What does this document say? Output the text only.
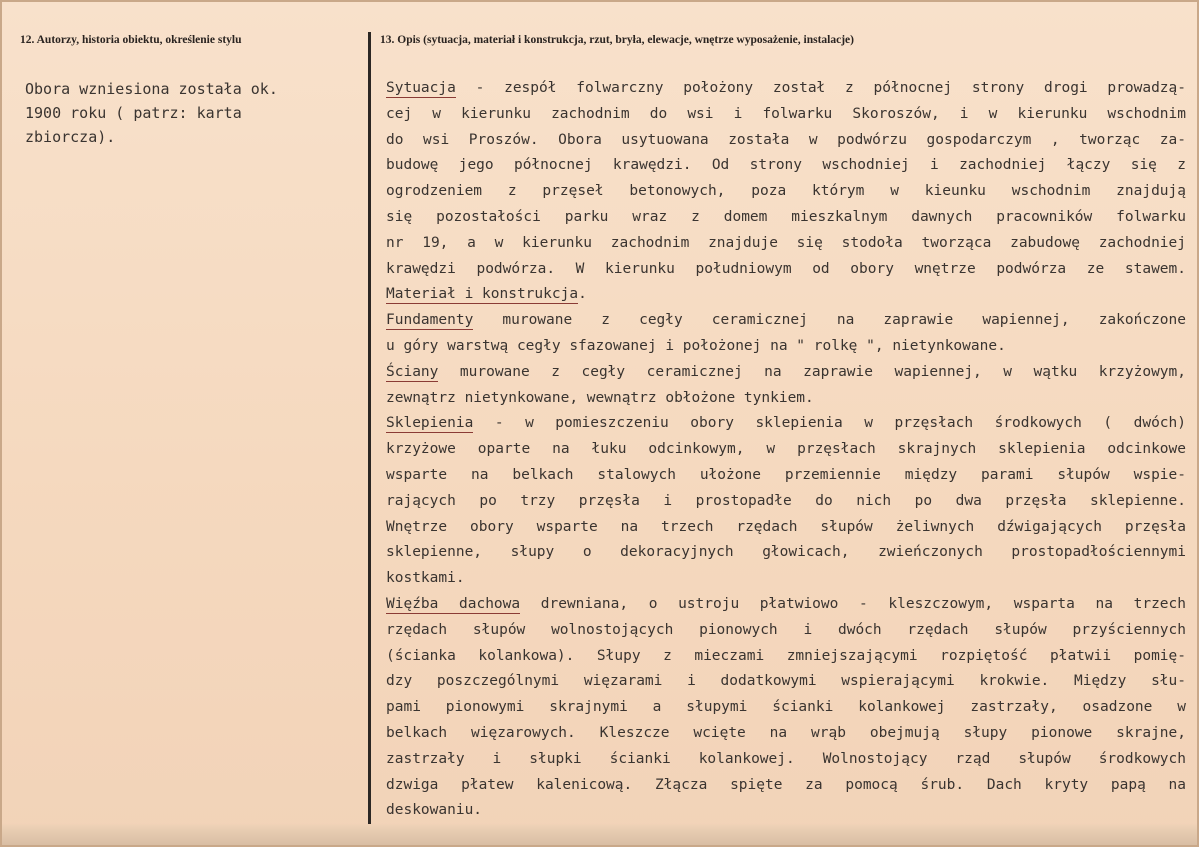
12. Autorzy, historia obiektu, określenie stylu	13. Opis (sytuacja, materiał i konstrukcja, rzut, bryła, elewacje, wnętrze wyposażenie, instalacje)
Obora wzniesiona została ok.
1900 roku ( patrz: karta
zbiorcza).
Sytuacja - zespół folwarczny położony został z północnej strony drogi prowadzą-
cej w kierunku zachodnim do wsi i folwarku Skoroszów, i w kierunku wschodnim
do wsi Proszów. Obora usytuowana została w podwórzu gospodarczym , tworząc za-
budowę jego północnej krawędzi. Od strony wschodniej i zachodniej łączy się z
ogrodzeniem z przęseł betonowych, poza którym w kieunku wschodnim znajdują
się pozostałości parku wraz z domem mieszkalnym dawnych pracowników folwarku
nr 19, a w kierunku zachodnim znajduje się stodoła tworząca zabudowę zachodniej
krawędzi podwórza. W kierunku południowym od obory wnętrze podwórza ze stawem.
Materiał i konstrukcja.
Fundamenty murowane z cegły ceramicznej na zaprawie wapiennej, zakończone
u góry warstwą cegły sfazowanej i położonej na " rolkę ", nietynkowane.
Ściany murowane z cegły ceramicznej na zaprawie wapiennej, w wątku krzyżowym,
zewnątrz nietynkowane, wewnątrz obłożone tynkiem.
Sklepienia - w pomieszczeniu obory sklepienia w przęsłach środkowych ( dwóch)
krzyżowe oparte na łuku odcinkowym, w przęsłach skrajnych sklepienia odcinkowe
wsparte na belkach stalowych ułożone przemiennie między parami słupów wspie-
rających po trzy przęsła i prostopadłe do nich po dwa przęsła sklepienne.
Wnętrze obory wsparte na trzech rzędach słupów żeliwnych dźwigających przęsła
sklepienne, słupy o dekoracyjnych głowicach, zwieńczonych prostopadłościennymi
kostkami.
Więźba dachowa drewniana, o ustroju płatwiowo - kleszczowym, wsparta na trzech
rzędach słupów wolnostojących pionowych i dwóch rzędach słupów przyściennych
(ścianka kolankowa). Słupy z mieczami zmniejszającymi rozpiętość płatwii pomię-
dzy poszczególnymi więzarami i dodatkowymi wspierającymi krokwie. Między słu-
pami pionowymi skrajnymi a słupymi ścianki kolankowej zastrzały, osadzone w
belkach więzarowych. Kleszcze wcięte na wrąb obejmują słupy pionowe skrajne,
zastrzały i słupki ścianki kolankowej. Wolnostojący rząd słupów środkowych
dzwiga płatew kalenicową. Złącza spięte za pomocą śrub. Dach kryty papą na
deskowaniu.
